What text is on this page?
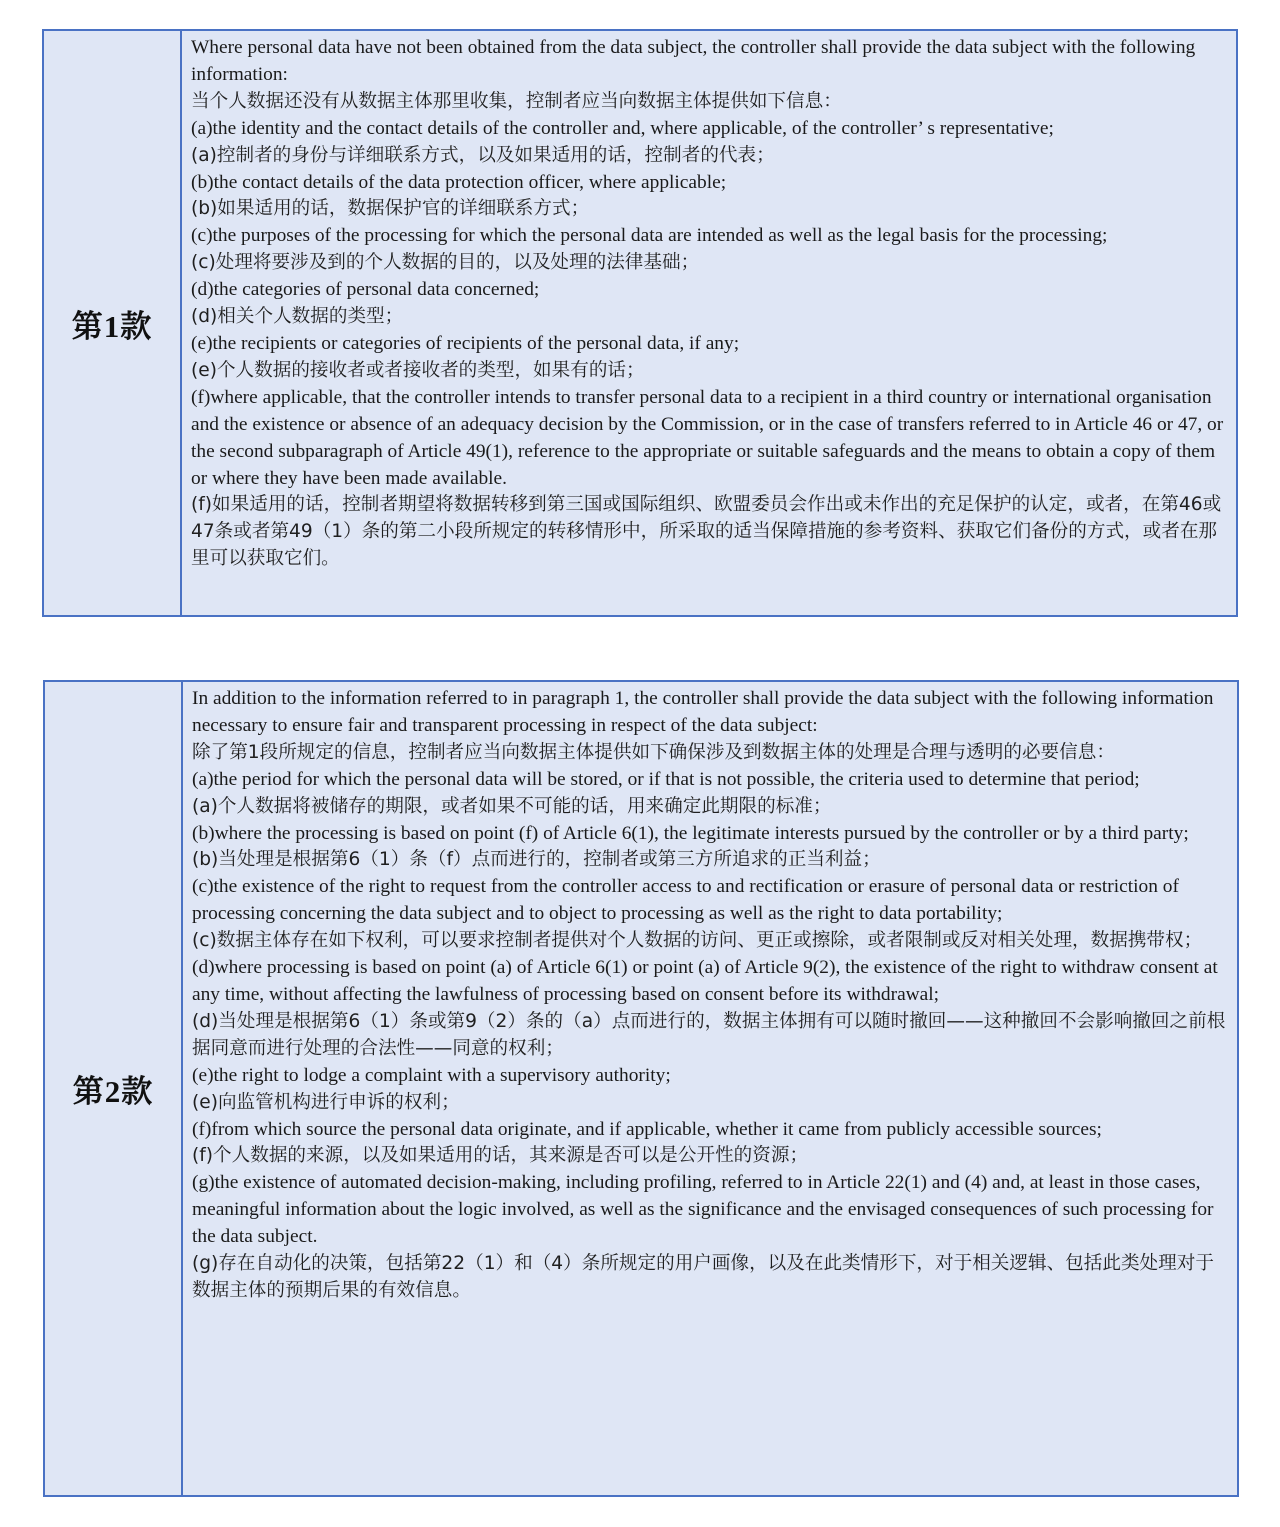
第1款

Where personal data have not been obtained from the data subject, the controller shall provide the data subject with the following information:

当个人数据还没有从数据主体那里收集，控制者应当向数据主体提供如下信息：

(a)the identity and the contact details of the controller and, where applicable, of the controller’ s representative;

(a)控制者的身份与详细联系方式，以及如果适用的话，控制者的代表；

(b)the contact details of the data protection officer, where applicable;

(b)如果适用的话，数据保护官的详细联系方式；

(c)the purposes of the processing for which the personal data are intended as well as the legal basis for the processing;

(c)处理将要涉及到的个人数据的目的，以及处理的法律基础；

(d)the categories of personal data concerned;

(d)相关个人数据的类型；

(e)the recipients or categories of recipients of the personal data, if any;

(e)个人数据的接收者或者接收者的类型，如果有的话；

(f)where applicable, that the controller intends to transfer personal data to a recipient in a third country or international organisation and the existence or absence of an adequacy decision by the Commission, or in the case of transfers referred to in Article 46 or 47, or the second subparagraph of Article 49(1), reference to the appropriate or suitable safeguards and the means to obtain a copy of them or where they have been made available.

(f)如果适用的话，控制者期望将数据转移到第三国或国际组织、欧盟委员会作出或未作出的充足保护的认定，或者，在第46或47条或者第49（1）条的第二小段所规定的转移情形中，所采取的适当保障措施的参考资料、获取它们备份的方式，或者在那里可以获取它们。

第2款

In addition to the information referred to in paragraph 1, the controller shall provide the data subject with the following information necessary to ensure fair and transparent processing in respect of the data subject:

除了第1段所规定的信息，控制者应当向数据主体提供如下确保涉及到数据主体的处理是合理与透明的必要信息：

(a)the period for which the personal data will be stored, or if that is not possible, the criteria used to determine that period;

(a)个人数据将被储存的期限，或者如果不可能的话，用来确定此期限的标准；

(b)where the processing is based on point (f) of Article 6(1), the legitimate interests pursued by the controller or by a third party;

(b)当处理是根据第6（1）条（f）点而进行的，控制者或第三方所追求的正当利益；

(c)the existence of the right to request from the controller access to and rectification or erasure of personal data or restriction of processing concerning the data subject and to object to processing as well as the right to data portability;

(c)数据主体存在如下权利，可以要求控制者提供对个人数据的访问、更正或擦除，或者限制或反对相关处理，数据携带权；

(d)where processing is based on point (a) of Article 6(1) or point (a) of Article 9(2), the existence of the right to withdraw consent at any time, without affecting the lawfulness of processing based on consent before its withdrawal;

(d)当处理是根据第6（1）条或第9（2）条的（a）点而进行的，数据主体拥有可以随时撤回——这种撤回不会影响撤回之前根据同意而进行处理的合法性——同意的权利；

(e)the right to lodge a complaint with a supervisory authority;

(e)向监管机构进行申诉的权利；

(f)from which source the personal data originate, and if applicable, whether it came from publicly accessible sources;

(f)个人数据的来源，以及如果适用的话，其来源是否可以是公开性的资源；

(g)the existence of automated decision-making, including profiling, referred to in Article 22(1) and (4) and, at least in those cases, meaningful information about the logic involved, as well as the significance and the envisaged consequences of such processing for the data subject.

(g)存在自动化的决策，包括第22（1）和（4）条所规定的用户画像，以及在此类情形下，对于相关逻辑、包括此类处理对于数据主体的预期后果的有效信息。
